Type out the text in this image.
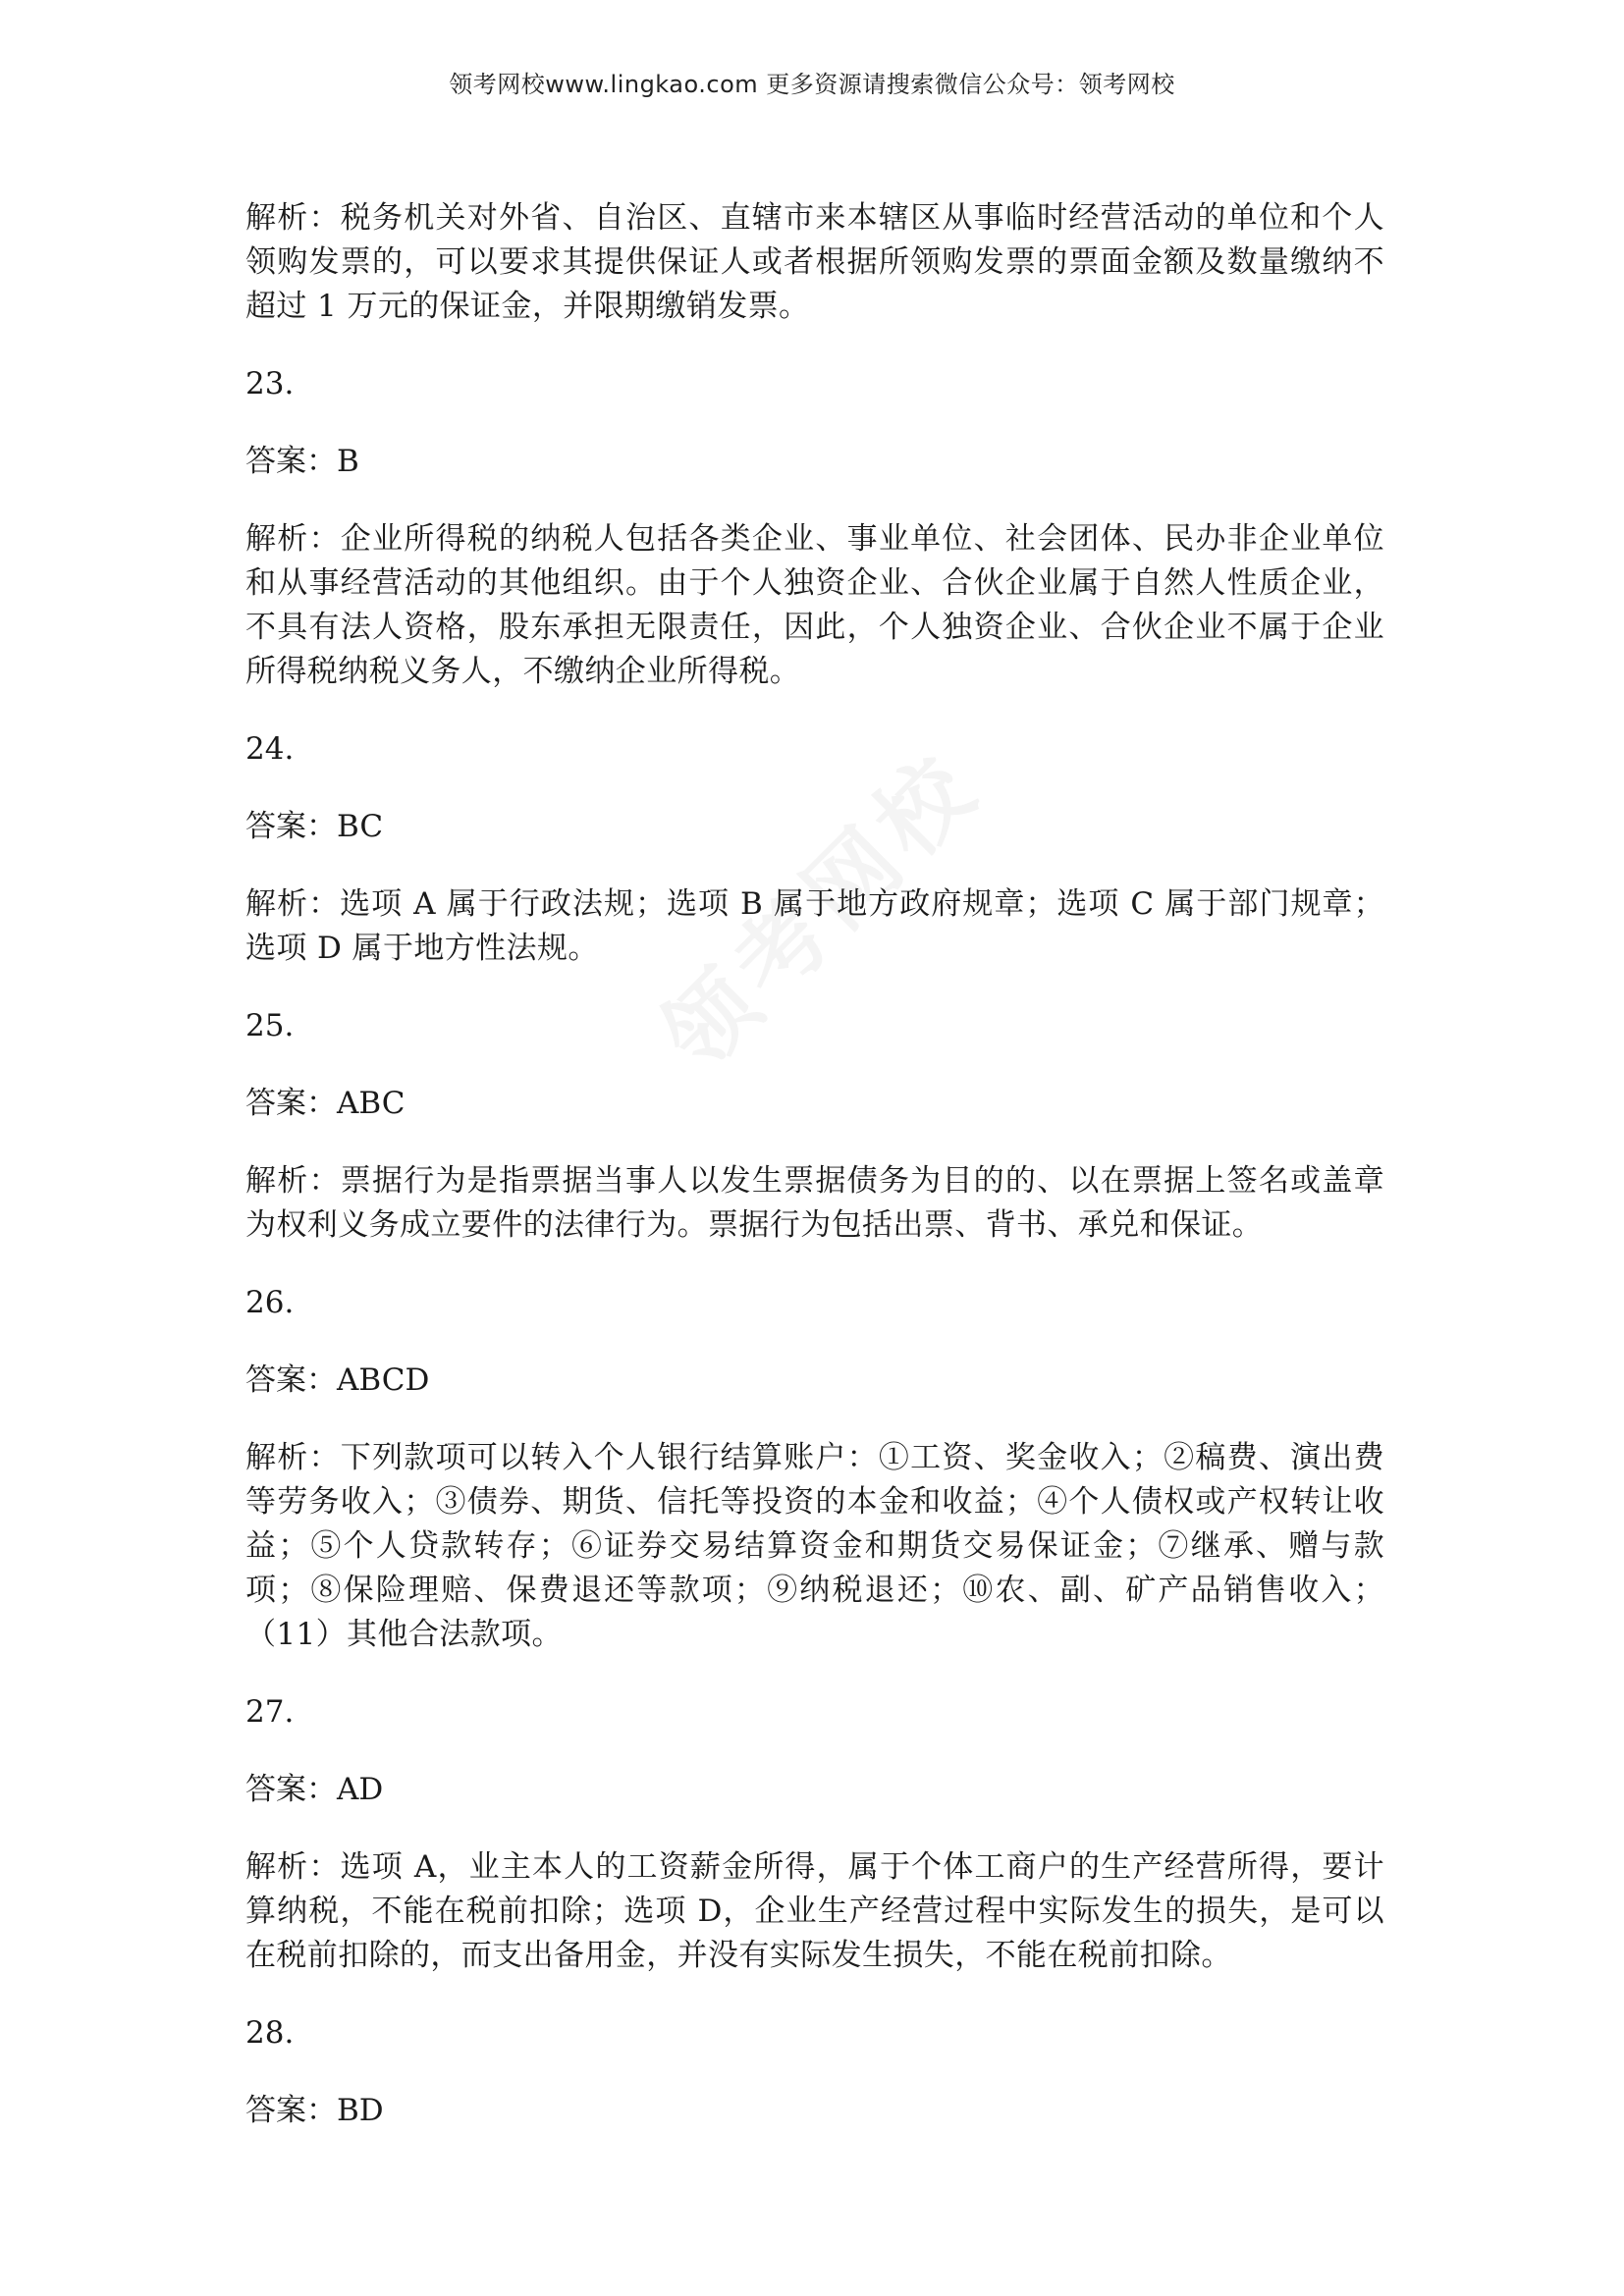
领考网校www.lingkao.com 更多资源请搜索微信公众号：领考网校

解析：税务机关对外省、自治区、直辖市来本辖区从事临时经营活动的单位和个人领购发票的，可以要求其提供保证人或者根据所领购发票的票面金额及数量缴纳不超过 1 万元的保证金，并限期缴销发票。

23.

答案：B

解析：企业所得税的纳税人包括各类企业、事业单位、社会团体、民办非企业单位和从事经营活动的其他组织。由于个人独资企业、合伙企业属于自然人性质企业，不具有法人资格，股东承担无限责任，因此，个人独资企业、合伙企业不属于企业所得税纳税义务人，不缴纳企业所得税。

24.

答案：BC

解析：选项 A 属于行政法规；选项 B 属于地方政府规章；选项 C 属于部门规章；选项 D 属于地方性法规。

25.

答案：ABC

解析：票据行为是指票据当事人以发生票据债务为目的的、以在票据上签名或盖章为权利义务成立要件的法律行为。票据行为包括出票、背书、承兑和保证。

26.

答案：ABCD

解析：下列款项可以转入个人银行结算账户：①工资、奖金收入；②稿费、演出费等劳务收入；③债券、期货、信托等投资的本金和收益；④个人债权或产权转让收益；⑤个人贷款转存；⑥证券交易结算资金和期货交易保证金；⑦继承、赠与款项；⑧保险理赔、保费退还等款项；⑨纳税退还；⑩农、副、矿产品销售收入；（11）其他合法款项。

27.

答案：AD

解析：选项 A，业主本人的工资薪金所得，属于个体工商户的生产经营所得，要计算纳税，不能在税前扣除；选项 D，企业生产经营过程中实际发生的损失，是可以在税前扣除的，而支出备用金，并没有实际发生损失，不能在税前扣除。

28.

答案：BD
